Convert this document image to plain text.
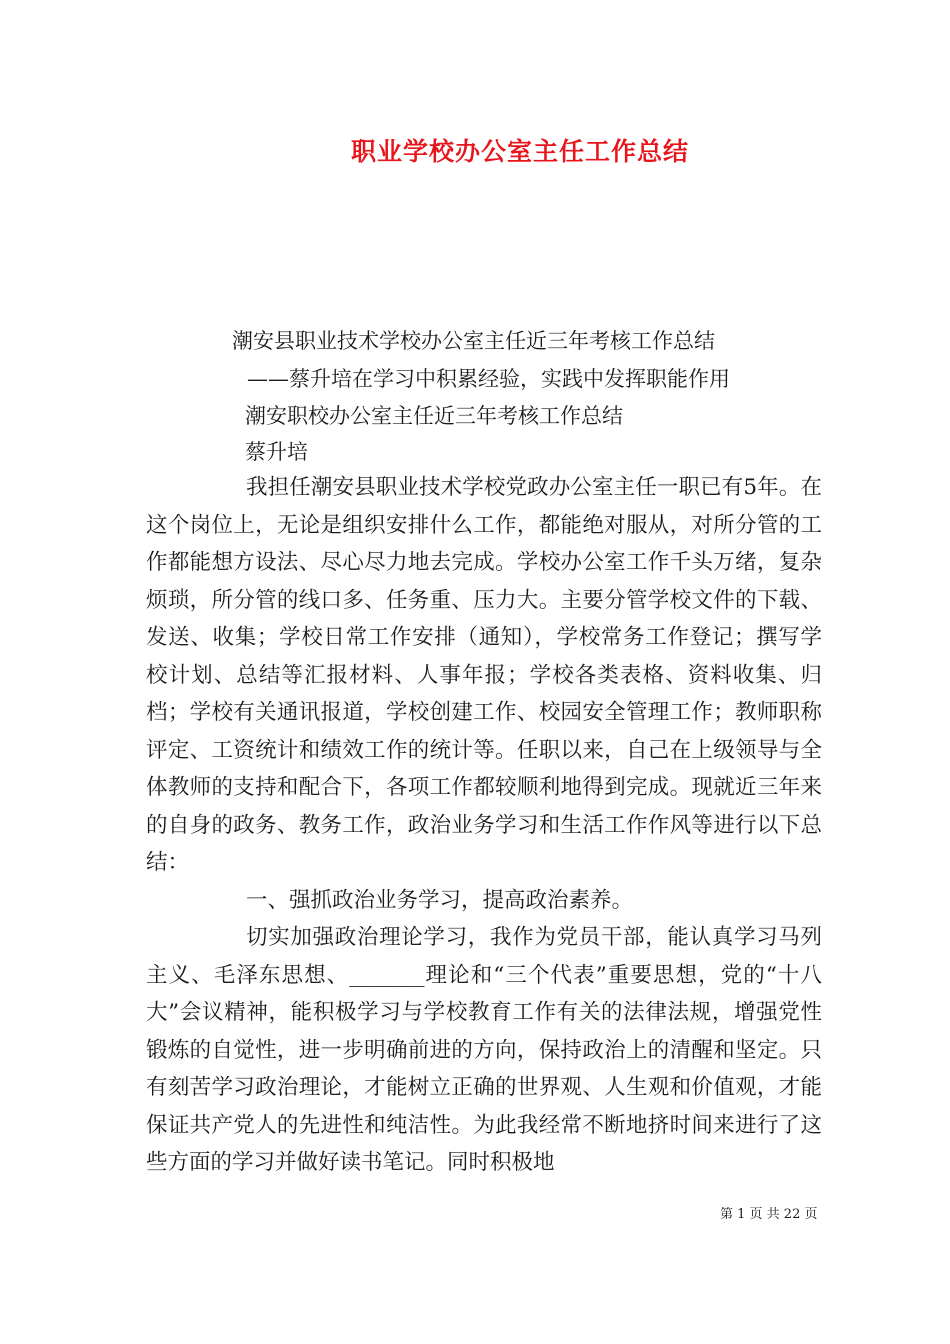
职业学校办公室主任工作总结
潮安县职业技术学校办公室主任近三年考核工作总结
——蔡升培在学习中积累经验，实践中发挥职能作用
潮安职校办公室主任近三年考核工作总结
蔡升培

我担任潮安县职业技术学校党政办公室主任一职已有5年。在这个岗位上，无论是组织安排什么工作，都能绝对服从，对所分管的工作都能想方设法、尽心尽力地去完成。学校办公室工作千头万绪，复杂烦琐，所分管的线口多、任务重、压力大。主要分管学校文件的下载、发送、收集；学校日常工作安排（通知），学校常务工作登记；撰写学校计划、总结等汇报材料、人事年报；学校各类表格、资料收集、归档；学校有关通讯报道，学校创建工作、校园安全管理工作；教师职称评定、工资统计和绩效工作的统计等。任职以来，自己在上级领导与全体教师的支持和配合下，各项工作都较顺利地得到完成。现就近三年来的自身的政务、教务工作，政治业务学习和生活工作作风等进行以下总结：

一、强抓政治业务学习，提高政治素养。

切实加强政治理论学习，我作为党员干部，能认真学习马列主义、毛泽东思想、_______理论和“三个代表”重要思想，党的“十八大”会议精神，能积极学习与学校教育工作有关的法律法规，增强党性锻炼的自觉性，进一步明确前进的方向，保持政治上的清醒和坚定。只有刻苦学习政治理论，才能树立正确的世界观、人生观和价值观，才能保证共产党人的先进性和纯洁性。为此我经常不断地挤时间来进行了这些方面的学习并做好读书笔记。同时积极地

第 1 页 共 22 页
